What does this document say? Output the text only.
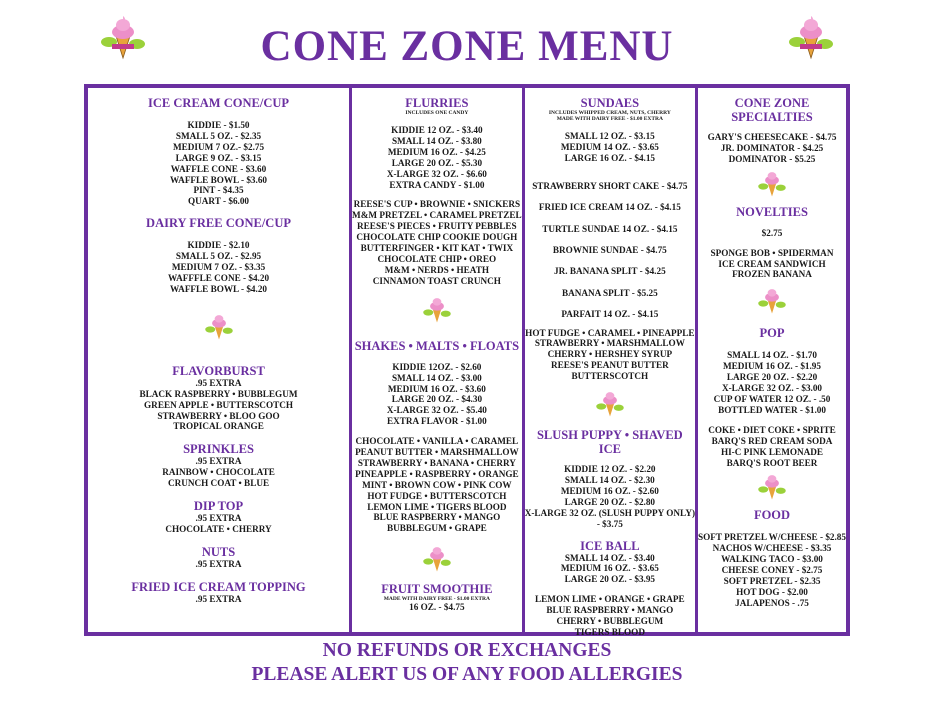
CONE ZONE MENU
ICE CREAM CONE/CUP
KIDDIE - $1.50
SMALL 5 OZ. - $2.35
MEDIUM 7 OZ.- $2.75
LARGE 9 OZ. - $3.15
WAFFLE CONE - $3.60
WAFFLE BOWL - $3.60
PINT - $4.35
QUART - $6.00
DAIRY FREE CONE/CUP
KIDDIE - $2.10
SMALL 5 OZ. - $2.95
MEDIUM 7 OZ. - $3.35
WAFFFLE CONE - $4.20
WAFFLE BOWL - $4.20
FLAVORBURST
.95 EXTRA
BLACK RASPBERRY • BUBBLEGUM
GREEN APPLE • BUTTERSCOTCH
STRAWBERRY • BLOO GOO
TROPICAL ORANGE
SPRINKLES
.95 EXTRA
RAINBOW • CHOCOLATE
CRUNCH COAT • BLUE
DIP TOP
.95 EXTRA
CHOCOLATE • CHERRY
NUTS
.95 EXTRA
FRIED ICE CREAM TOPPING
.95 EXTRA
FLURRIES
INCLUDES ONE CANDY
KIDDIE 12 OZ. - $3.40
SMALL 14 OZ. - $3.80
MEDIUM 16 OZ. - $4.25
LARGE 20 OZ. - $5.30
X-LARGE 32 OZ. - $6.60
EXTRA CANDY - $1.00
REESE'S CUP • BROWNIE • SNICKERS
M&M PRETZEL • CARAMEL PRETZEL
REESE'S PIECES • FRUITY PEBBLES
CHOCOLATE CHIP COOKIE DOUGH
BUTTERFINGER • KIT KAT • TWIX
CHOCOLATE CHIP • OREO
M&M • NERDS • HEATH
CINNAMON TOAST CRUNCH
SHAKES • MALTS • FLOATS
KIDDIE 12OZ. - $2.60
SMALL 14 OZ. - $3.00
MEDIUM 16 OZ. - $3.60
LARGE 20 OZ. - $4.30
X-LARGE 32 OZ. - $5.40
EXTRA FLAVOR - $1.00
CHOCOLATE • VANILLA • CARAMEL
PEANUT BUTTER • MARSHMALLOW
STRAWBERRY • BANANA • CHERRY
PINEAPPLE • RASPBERRY • ORANGE
MINT • BROWN COW • PINK COW
HOT FUDGE • BUTTERSCOTCH
LEMON LIME • TIGERS BLOOD
BLUE RASPBERRY • MANGO
BUBBLEGUM • GRAPE
FRUIT SMOOTHIE
MADE WITH DAIRY FREE - $1.00 EXTRA
16 OZ. - $4.75
SUNDAES
INCLUDES WHIPPED CREAM, NUTS, CHERRY
MADE WITH DAIRY FREE - $1.00 EXTRA
SMALL 12 OZ. - $3.15
MEDIUM 14 OZ. - $3.65
LARGE 16 OZ. - $4.15
STRAWBERRY SHORT CAKE - $4.75
FRIED ICE CREAM 14 OZ. - $4.15
TURTLE SUNDAE 14 OZ. - $4.15
BROWNIE SUNDAE - $4.75
JR. BANANA SPLIT - $4.25
BANANA SPLIT - $5.25
PARFAIT 14 OZ. - $4.15
HOT FUDGE • CARAMEL • PINEAPPLE
STRAWBERRY • MARSHMALLOW
CHERRY • HERSHEY SYRUP
REESE'S PEANUT BUTTER
BUTTERSCOTCH
SLUSH PUPPY • SHAVED ICE
KIDDIE 12 OZ. - $2.20
SMALL 14 OZ. - $2.30
MEDIUM 16 OZ. - $2.60
LARGE 20 OZ. - $2.80
X-LARGE 32 OZ. (SLUSH PUPPY ONLY)
- $3.75
ICE BALL
SMALL 14 OZ. - $3.40
MEDIUM 16 OZ. - $3.65
LARGE 20 OZ. - $3.95
LEMON LIME • ORANGE • GRAPE
BLUE RASPBERRY • MANGO
CHERRY • BUBBLEGUM
TIGERS BLOOD
CONE ZONE SPECIALTIES
GARY'S CHEESECAKE - $4.75
JR. DOMINATOR - $4.25
DOMINATOR - $5.25
NOVELTIES
$2.75
SPONGE BOB • SPIDERMAN
ICE CREAM SANDWICH
FROZEN BANANA
POP
SMALL 14 OZ. - $1.70
MEDIUM 16 OZ. - $1.95
LARGE 20 OZ. - $2.20
X-LARGE 32 OZ. - $3.00
CUP OF WATER 12 OZ. - .50
BOTTLED WATER - $1.00
COKE • DIET COKE • SPRITE
BARQ'S RED CREAM SODA
HI-C PINK LEMONADE
BARQ'S ROOT BEER
FOOD
SOFT PRETZEL W/CHEESE - $2.85
NACHOS W/CHEESE - $3.35
WALKING TACO - $3.00
CHEESE CONEY - $2.75
SOFT PRETZEL - $2.35
HOT DOG - $2.00
JALAPENOS - .75
NO REFUNDS OR EXCHANGES
PLEASE ALERT US OF ANY FOOD ALLERGIES
